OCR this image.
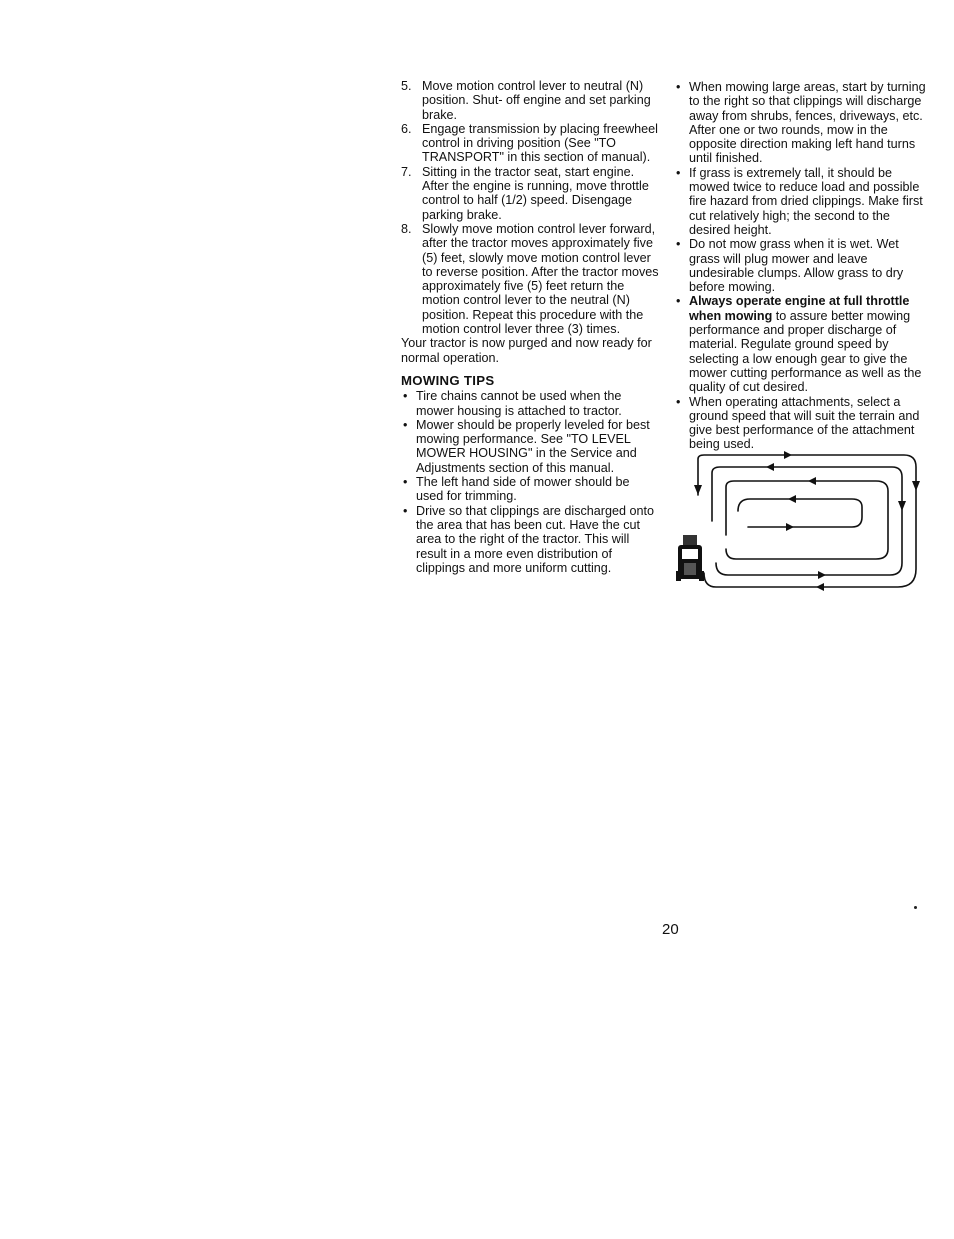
5. Move motion control lever to neutral (N) position. Shut- off engine and set parking brake.
6. Engage transmission by placing freewheel control in driving position (See "TO TRANSPORT" in this section of manual).
7. Sitting in the tractor seat, start engine. After the engine is running, move throttle control to half (1/2) speed. Disengage parking brake.
8. Slowly move motion control lever forward, after the tractor moves approximately five (5) feet, slowly move motion control lever to reverse position. After the tractor moves approximately five (5) feet return the motion control lever to the neutral (N) position. Repeat this procedure with the motion control lever three (3) times.

Your tractor is now purged and now ready for normal operation.

MOWING TIPS
• Tire chains cannot be used when the mower housing is attached to tractor.
• Mower should be properly leveled for best mowing performance. See "TO LEVEL MOWER HOUSING" in the Service and Adjustments section of this manual.
• The left hand side of mower should be used for trimming.
• Drive so that clippings are discharged onto the area that has been cut. Have the cut area to the right of the tractor. This will result in a more even distribution of clippings and more uniform cutting.
• When mowing large areas, start by turning to the right so that clippings will discharge away from shrubs, fences, driveways, etc. After one or two rounds, mow in the opposite direction making left hand turns until finished.
• If grass is extremely tall, it should be mowed twice to reduce load and possible fire hazard from dried clippings. Make first cut relatively high; the second to the desired height.
• Do not mow grass when it is wet. Wet grass will plug mower and leave undesirable clumps. Allow grass to dry before mowing.
• Always operate engine at full throttle when mowing to assure better mowing performance and proper discharge of material. Regulate ground speed by selecting a low enough gear to give the mower cutting performance as well as the quality of cut desired.
• When operating attachments, select a ground speed that will suit the terrain and give best performance of the attachment being used.
20
